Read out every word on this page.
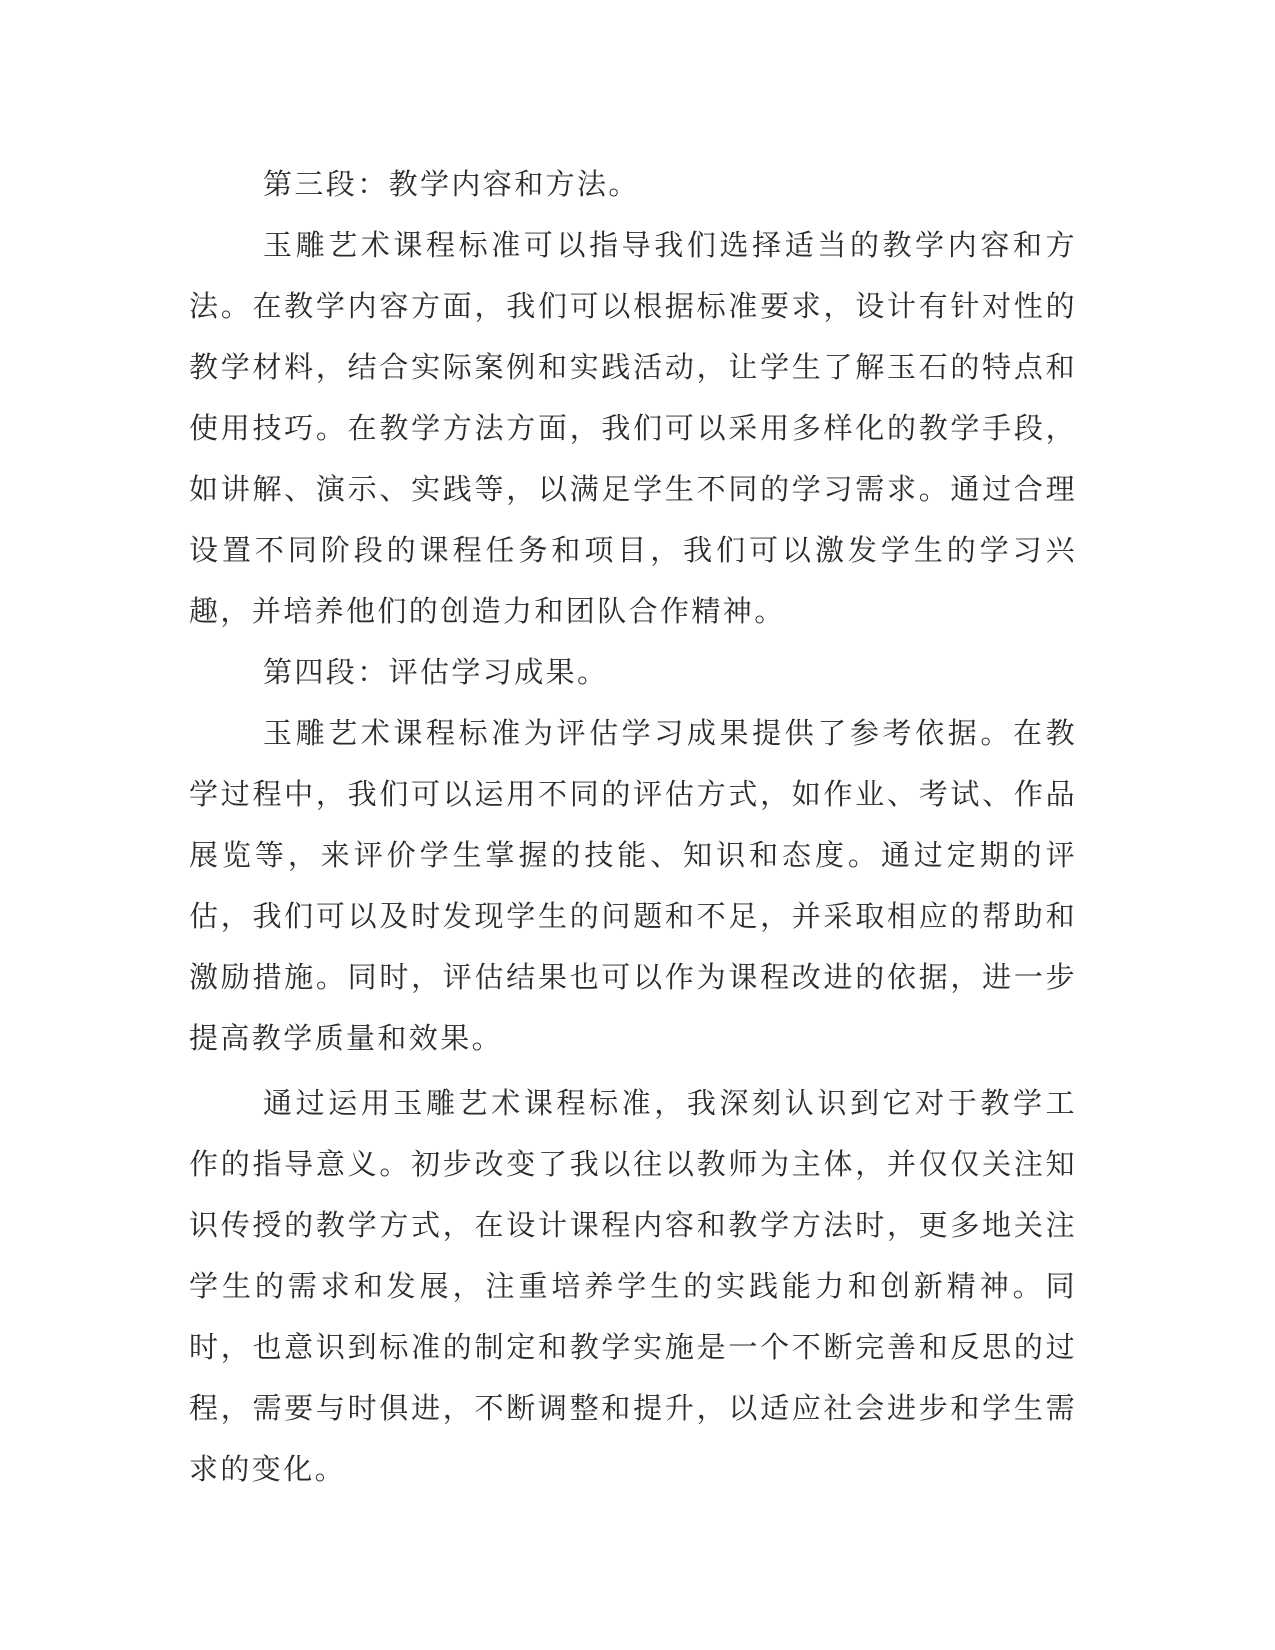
第三段：教学内容和方法。

玉雕艺术课程标准可以指导我们选择适当的教学内容和方法。在教学内容方面，我们可以根据标准要求，设计有针对性的教学材料，结合实际案例和实践活动，让学生了解玉石的特点和使用技巧。在教学方法方面，我们可以采用多样化的教学手段，如讲解、演示、实践等，以满足学生不同的学习需求。通过合理设置不同阶段的课程任务和项目，我们可以激发学生的学习兴趣，并培养他们的创造力和团队合作精神。

第四段：评估学习成果。

玉雕艺术课程标准为评估学习成果提供了参考依据。在教学过程中，我们可以运用不同的评估方式，如作业、考试、作品展览等，来评价学生掌握的技能、知识和态度。通过定期的评估，我们可以及时发现学生的问题和不足，并采取相应的帮助和激励措施。同时，评估结果也可以作为课程改进的依据，进一步提高教学质量和效果。

通过运用玉雕艺术课程标准，我深刻认识到它对于教学工作的指导意义。初步改变了我以往以教师为主体，并仅仅关注知识传授的教学方式，在设计课程内容和教学方法时，更多地关注学生的需求和发展，注重培养学生的实践能力和创新精神。同时，也意识到标准的制定和教学实施是一个不断完善和反思的过程，需要与时俱进，不断调整和提升，以适应社会进步和学生需求的变化。
